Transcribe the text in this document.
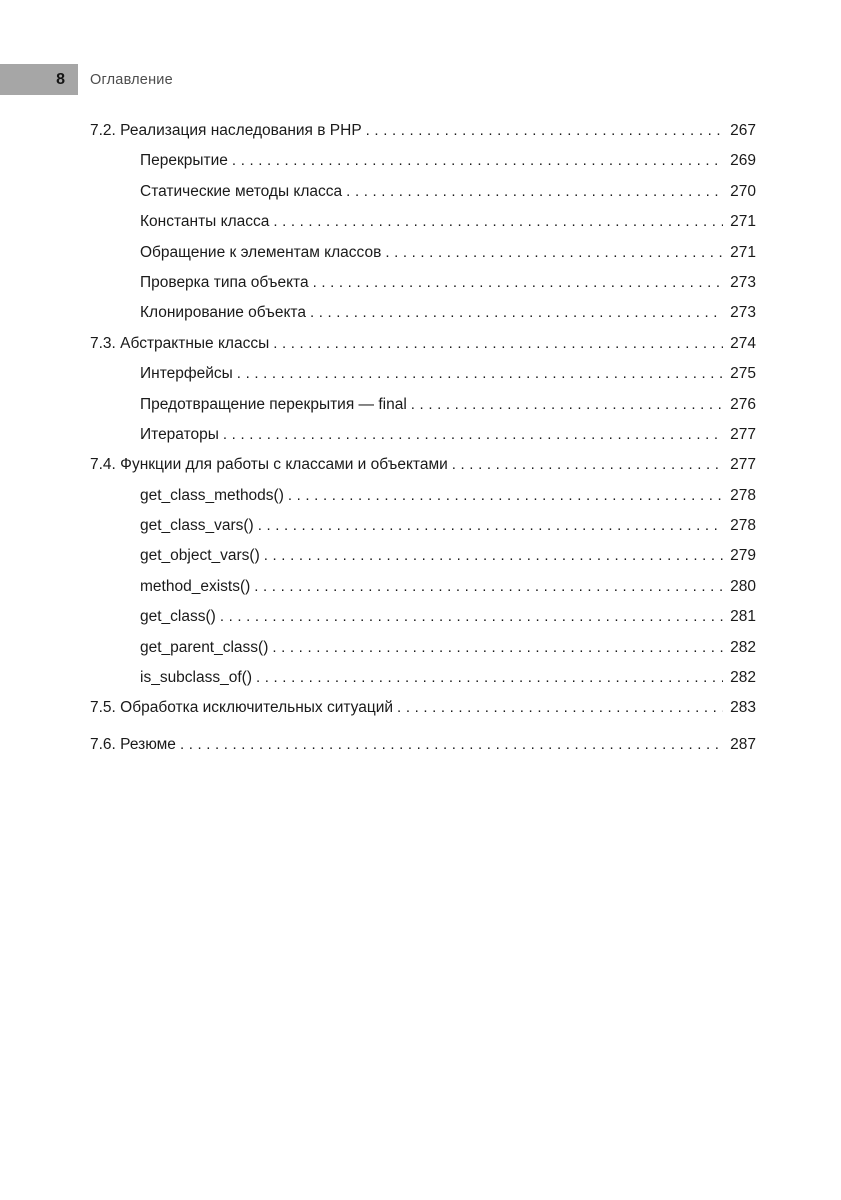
8 Оглавление
7.2. Реализация наследования в PHP .....	267
Перекрытие .....	269
Статические методы класса .....	270
Константы класса .....	271
Обращение к элементам классов .....	271
Проверка типа объекта .....	273
Клонирование объекта .....	273
7.3. Абстрактные классы .....	274
Интерфейсы .....	275
Предотвращение перекрытия — final .....	276
Итераторы .....	277
7.4. Функции для работы с классами и объектами .....	277
get_class_methods() .....	278
get_class_vars() .....	278
get_object_vars() .....	279
method_exists() .....	280
get_class() .....	281
get_parent_class() .....	282
is_subclass_of() .....	282
7.5. Обработка исключительных ситуаций .....	283
7.6. Резюме .....	287
